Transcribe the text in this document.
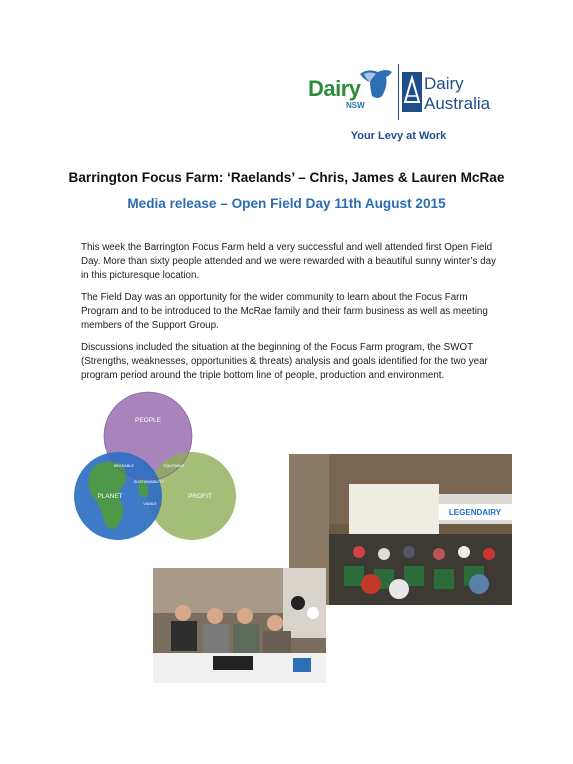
Dairy
NSW
Dairy
Australia
Your Levy at Work
Barrington Focus Farm: ‘Raelands’ – Chris, James & Lauren McRae
Media release – Open Field Day 11th August 2015

This week the Barrington Focus Farm held a very successful and well attended first Open Field Day. More than sixty people attended and we were rewarded with a beautiful sunny winter’s day in this picturesque location.

The Field Day was an opportunity for the wider community to learn about the Focus Farm Program and to be introduced to the McRae family and their farm business as well as meeting members of the Support Group.

Discussions included the situation at the beginning of the Focus Farm program, the SWOT (Strengths, weaknesses, opportunities & threats) analysis and goals identified for the two year program period around the triple bottom line of people, production and environment.

PEOPLE
PLANET	PROFIT
BEARABLE	EQUITABLE
SUSTAINABILITY
VIABLE
LEGENDAIRY
